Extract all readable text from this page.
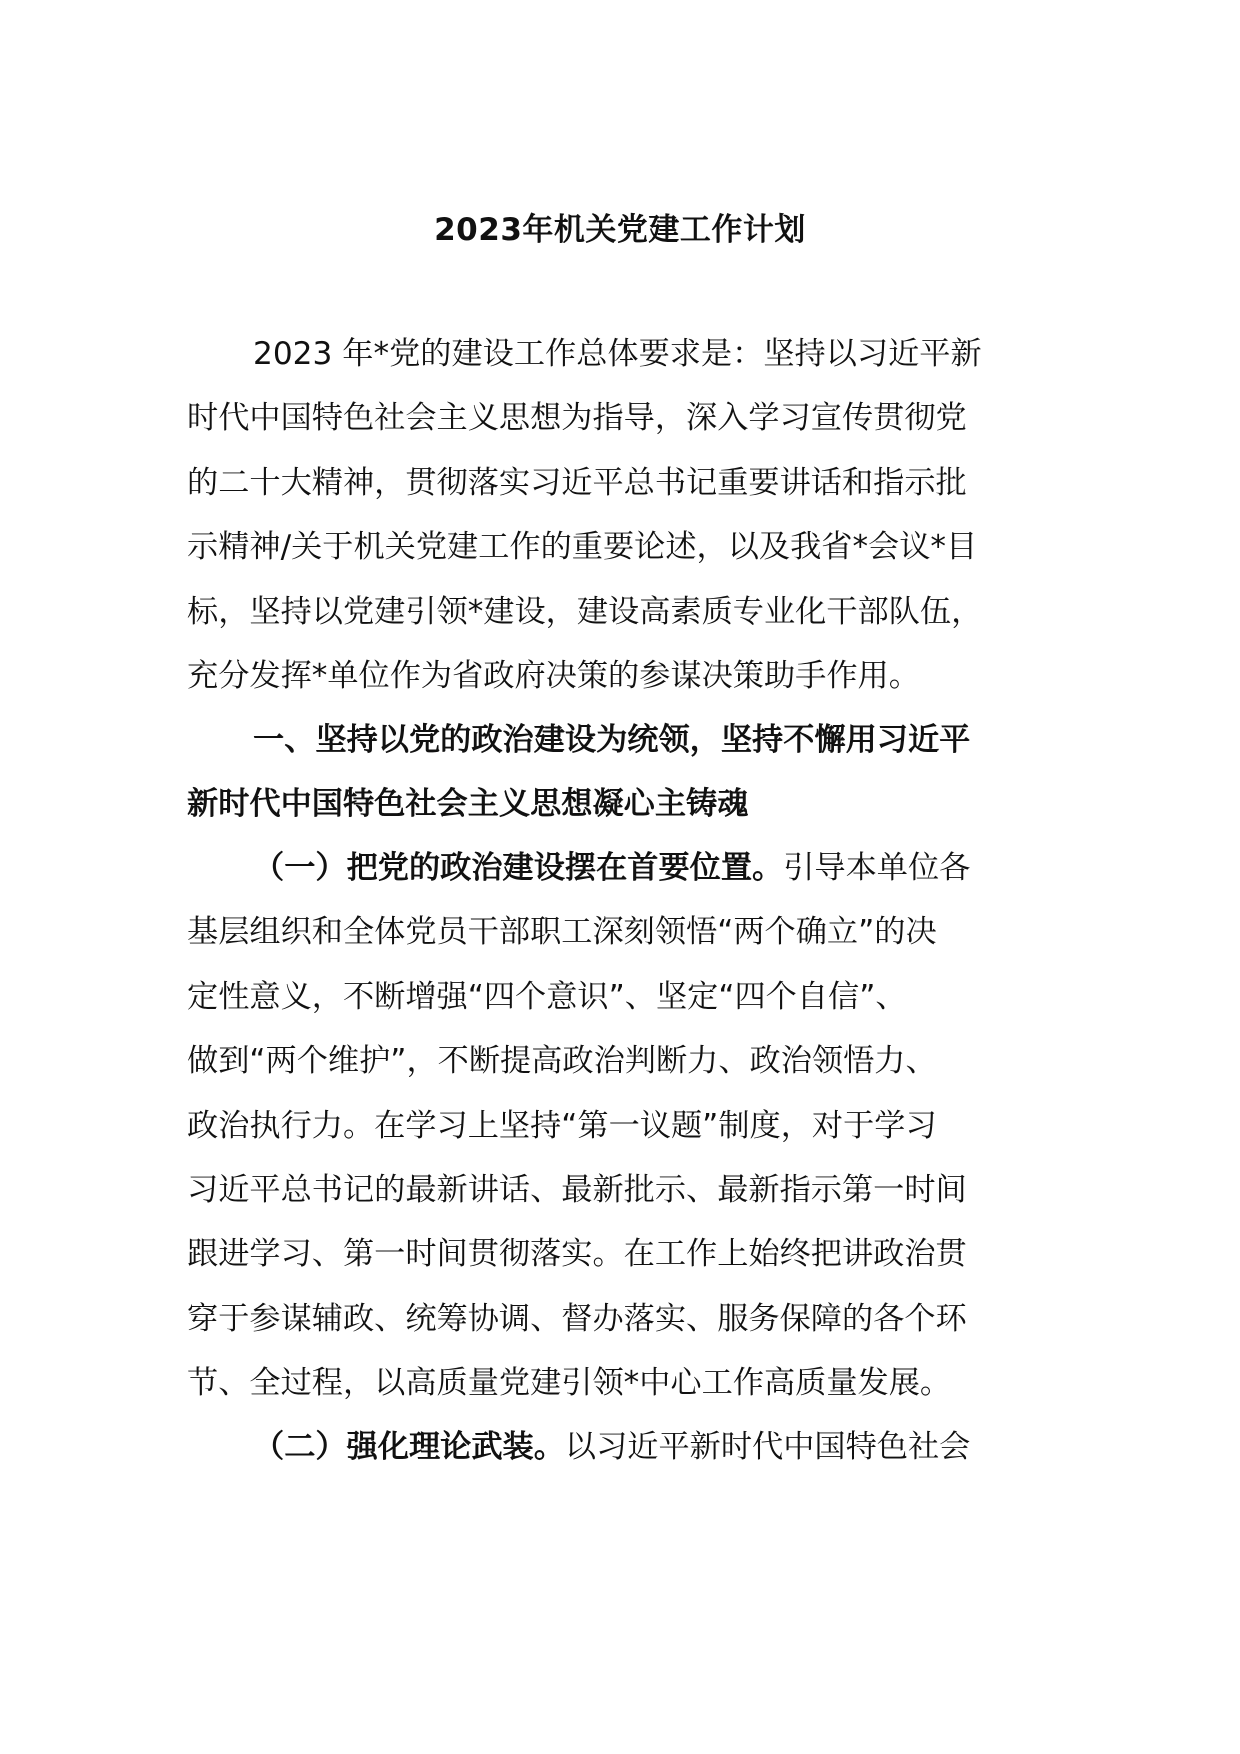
2023年机关党建工作计划
2023 年*党的建设工作总体要求是：坚持以习近平新
时代中国特色社会主义思想为指导，深入学习宣传贯彻党
的二十大精神，贯彻落实习近平总书记重要讲话和指示批
示精神/关于机关党建工作的重要论述，以及我省*会议*目
标，坚持以党建引领*建设，建设高素质专业化干部队伍，
充分发挥*单位作为省政府决策的参谋决策助手作用。
一、坚持以党的政治建设为统领，坚持不懈用习近平
新时代中国特色社会主义思想凝心主铸魂
（一）把党的政治建设摆在首要位置。引导本单位各
基层组织和全体党员干部职工深刻领悟“两个确立”的决
定性意义，不断增强“四个意识”、坚定“四个自信”、
做到“两个维护”，不断提高政治判断力、政治领悟力、
政治执行力。在学习上坚持“第一议题”制度，对于学习
习近平总书记的最新讲话、最新批示、最新指示第一时间
跟进学习、第一时间贯彻落实。在工作上始终把讲政治贯
穿于参谋辅政、统筹协调、督办落实、服务保障的各个环
节、全过程，以高质量党建引领*中心工作高质量发展。
（二）强化理论武装。以习近平新时代中国特色社会
